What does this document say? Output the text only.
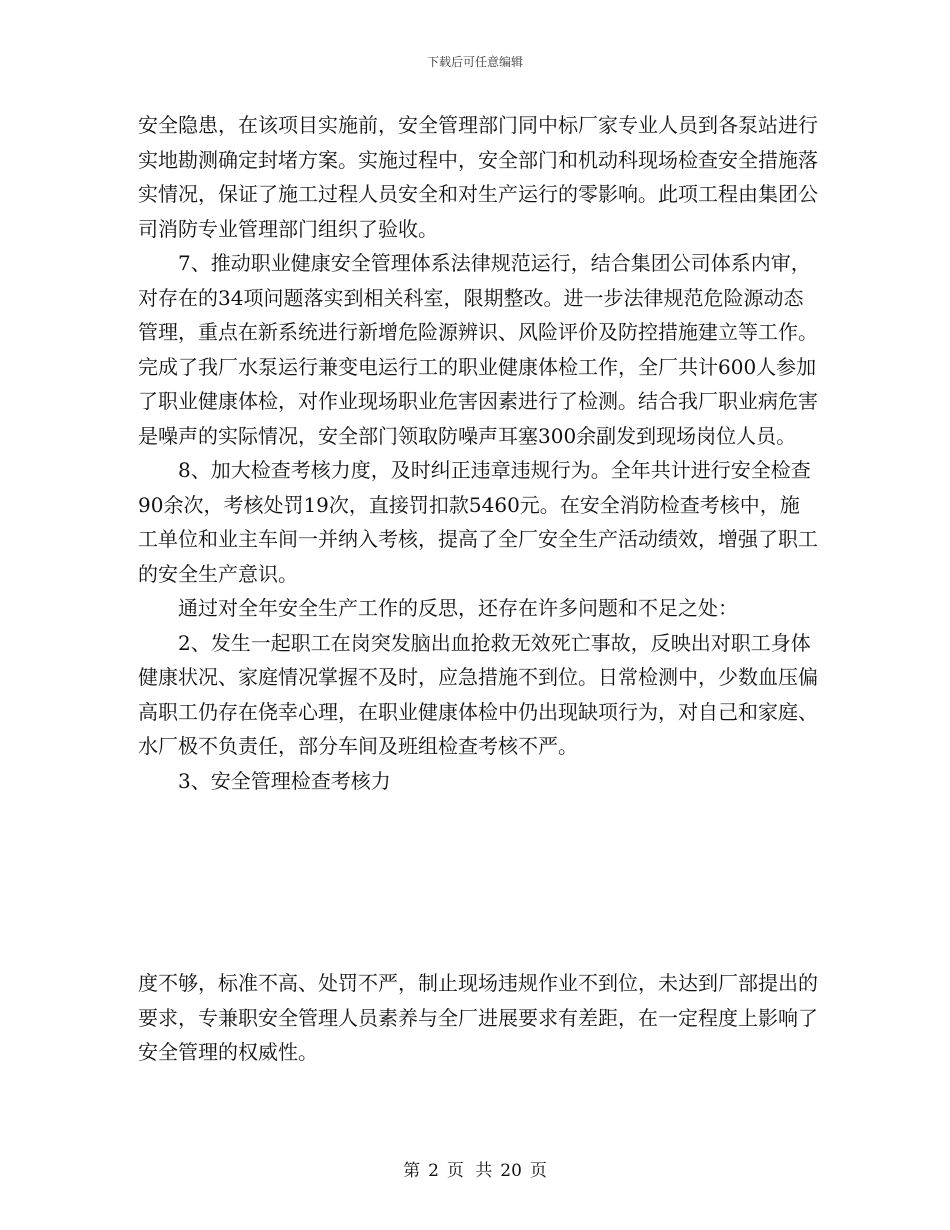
下载后可任意编辑

安全隐患，在该项目实施前，安全管理部门同中标厂家专业人员到各泵站进行实地勘测确定封堵方案。实施过程中，安全部门和机动科现场检查安全措施落实情况，保证了施工过程人员安全和对生产运行的零影响。此项工程由集团公司消防专业管理部门组织了验收。

7、推动职业健康安全管理体系法律规范运行，结合集团公司体系内审，对存在的34项问题落实到相关科室，限期整改。进一步法律规范危险源动态管理，重点在新系统进行新增危险源辨识、风险评价及防控措施建立等工作。完成了我厂水泵运行兼变电运行工的职业健康体检工作，全厂共计600人参加了职业健康体检，对作业现场职业危害因素进行了检测。结合我厂职业病危害是噪声的实际情况，安全部门领取防噪声耳塞300余副发到现场岗位人员。

8、加大检查考核力度，及时纠正违章违规行为。全年共计进行安全检查90余次，考核处罚19次，直接罚扣款5460元。在安全消防检查考核中，施工单位和业主车间一并纳入考核，提高了全厂安全生产活动绩效，增强了职工的安全生产意识。

通过对全年安全生产工作的反思，还存在许多问题和不足之处：

2、发生一起职工在岗突发脑出血抢救无效死亡事故，反映出对职工身体健康状况、家庭情况掌握不及时，应急措施不到位。日常检测中，少数血压偏高职工仍存在侥幸心理，在职业健康体检中仍出现缺项行为，对自己和家庭、水厂极不负责任，部分车间及班组检查考核不严。

3、安全管理检查考核力

度不够，标准不高、处罚不严，制止现场违规作业不到位，未达到厂部提出的要求，专兼职安全管理人员素养与全厂进展要求有差距，在一定程度上影响了安全管理的权威性。

第 2 页 共 20 页
